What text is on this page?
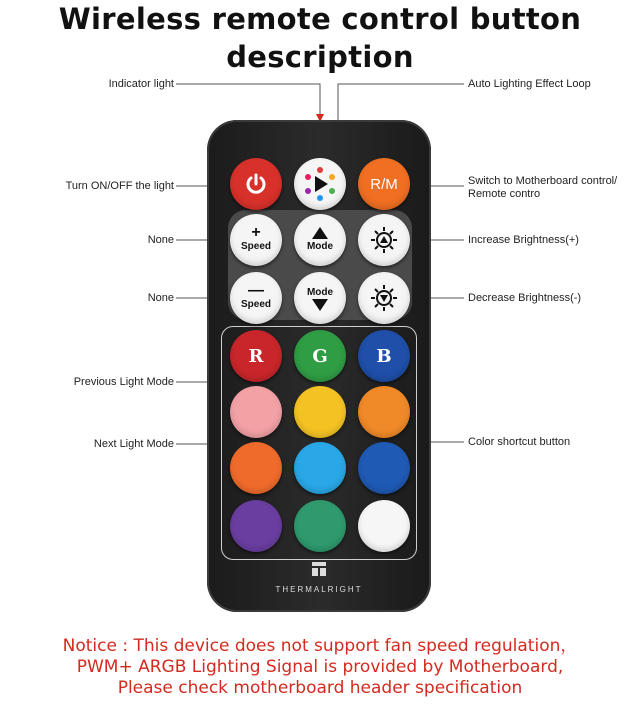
Wireless remote control button description
Indicator light	Auto Lighting Effect Loop
Turn ON/OFF the light	Switch to Motherboard control/
Remote contro
None	Increase Brightness(+)
None	Decrease Brightness(-)
Previous Light Mode
Next Light Mode	Color shortcut button
R/M
+
Speed	Mode
—
Speed
Mode
R	G	B
THERMALRIGHT
Notice : This device does not support fan speed regulation，
PWM+ ARGB Lighting Signal is provided by Motherboard,
Please check motherboard header specification
